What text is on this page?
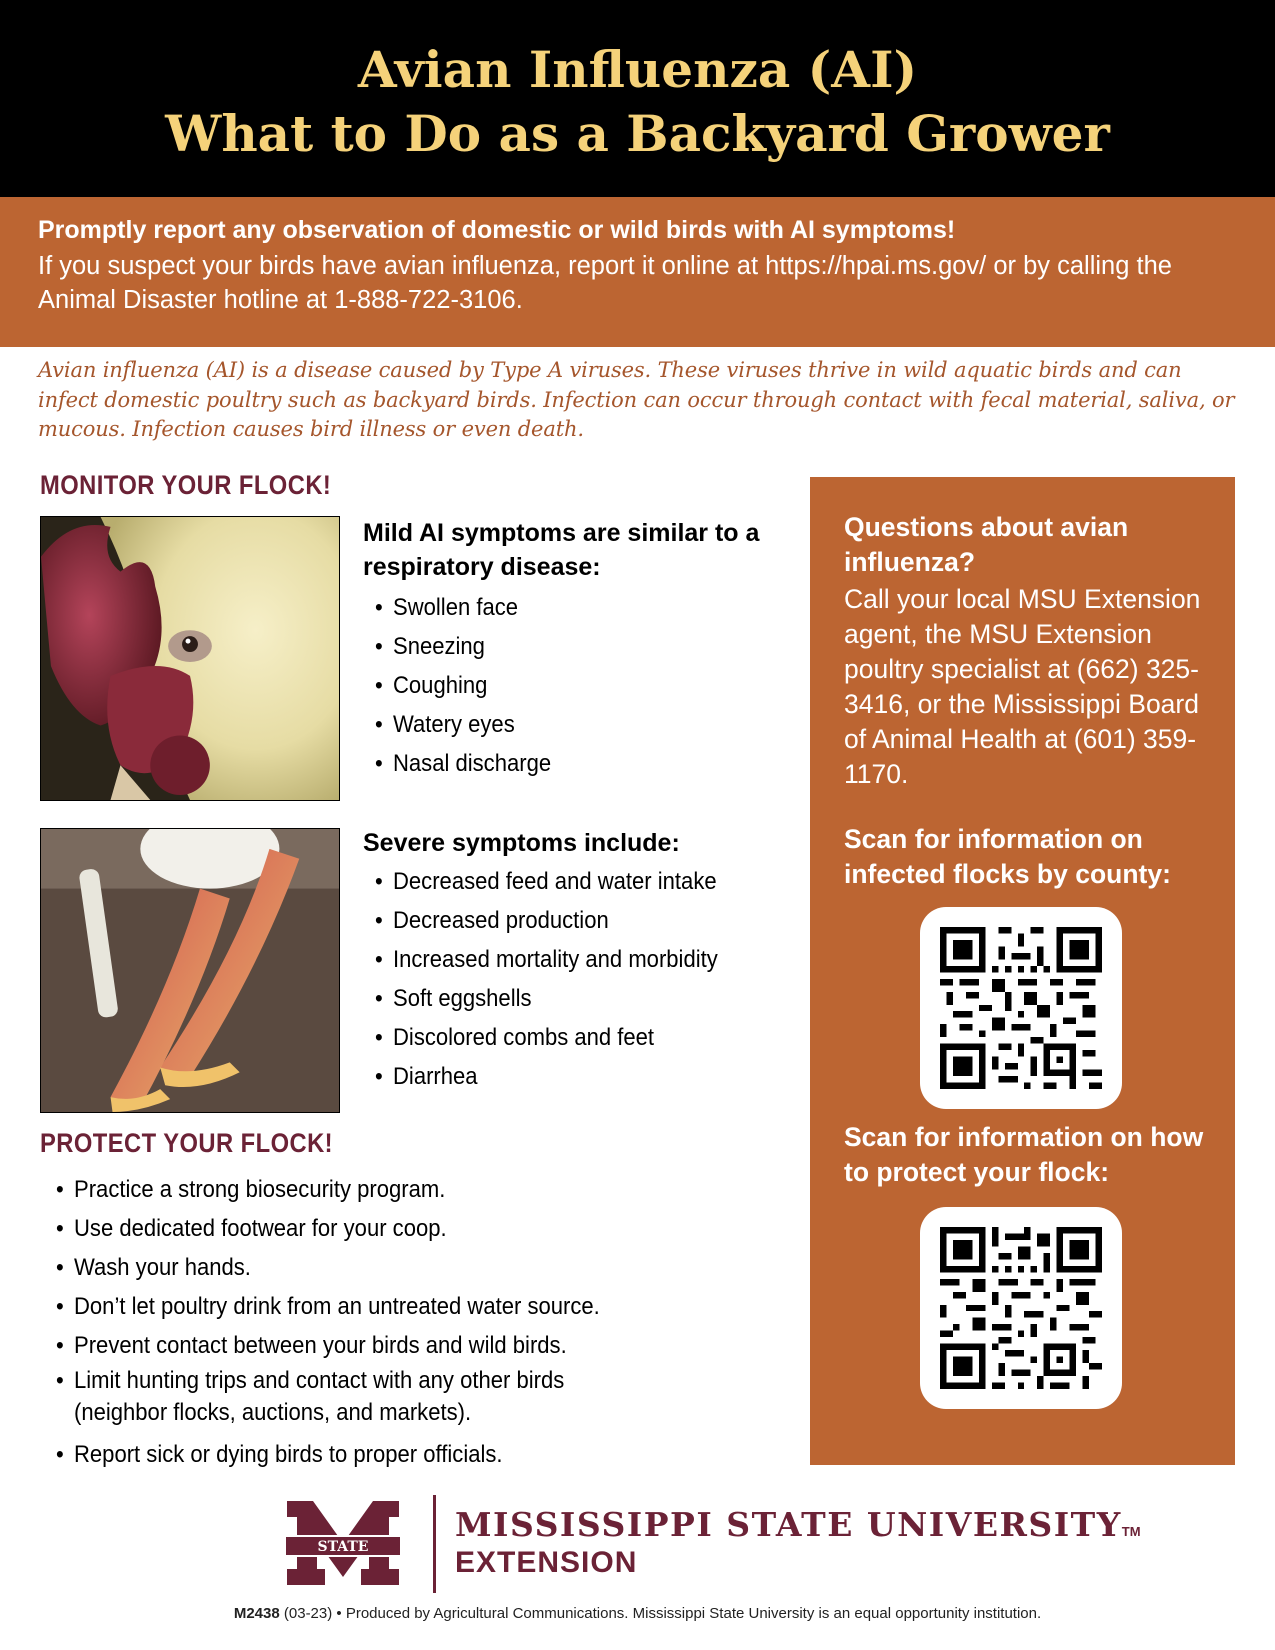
Avian Influenza (AI)
What to Do as a Backyard Grower
Promptly report any observation of domestic or wild birds with AI symptoms!
If you suspect your birds have avian influenza, report it online at https://hpai.ms.gov/ or by calling the Animal Disaster hotline at 1-888-722-3106.
Avian influenza (AI) is a disease caused by Type A viruses. These viruses thrive in wild aquatic birds and can infect domestic poultry such as backyard birds. Infection can occur through contact with fecal material, saliva, or mucous. Infection causes bird illness or even death.
MONITOR YOUR FLOCK!
Mild AI symptoms are similar to a respiratory disease:
• Swollen face
• Sneezing
• Coughing
• Watery eyes
• Nasal discharge
Severe symptoms include:
• Decreased feed and water intake
• Decreased production
• Increased mortality and morbidity
• Soft eggshells
• Discolored combs and feet
• Diarrhea
PROTECT YOUR FLOCK!
• Practice a strong biosecurity program.
• Use dedicated footwear for your coop.
• Wash your hands.
• Don’t let poultry drink from an untreated water source.
• Prevent contact between your birds and wild birds.
• Limit hunting trips and contact with any other birds (neighbor flocks, auctions, and markets).
• Report sick or dying birds to proper officials.
Questions about avian influenza?
Call your local MSU Extension agent, the MSU Extension poultry specialist at (662) 325-3416, or the Mississippi Board of Animal Health at (601) 359-1170.
Scan for information on infected flocks by county:
Scan for information on how to protect your flock:
STATE
MISSISSIPPI STATE UNIVERSITYTM
EXTENSION
M2438 (03-23) • Produced by Agricultural Communications. Mississippi State University is an equal opportunity institution.
